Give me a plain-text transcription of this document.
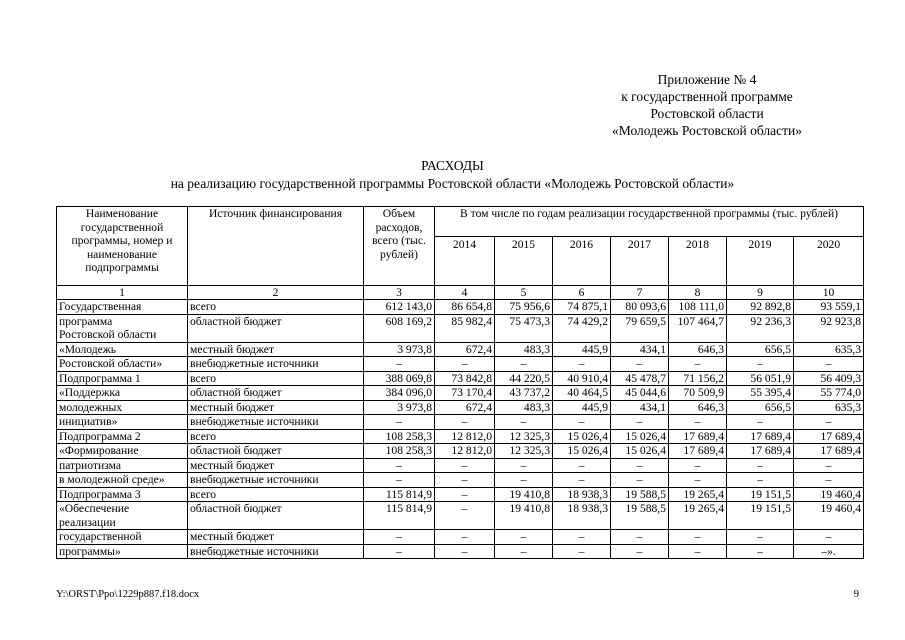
Приложение № 4
к государственной программе
Ростовской области
«Молодежь Ростовской области»
РАСХОДЫ
на реализацию государственной программы Ростовской области «Молодежь Ростовской области»
Наименование государственной программы, номер и наименование подпрограммы	Источник финансирования	Объем расходов, всего (тыс. рублей)	В том числе по годам реализации государственной программы (тыс. рублей)						
			2014	2015	2016	2017	2018	2019	2020
1	2	3	4	5	6	7	8	9	10

Государственная	всего	612 143,0	86 654,8	75 956,6	74 875,1	80 093,6	108 111,0	92 892,8	93 559,1

программа
Ростовской области	областной бюджет	608 169,2	85 982,4	75 473,3	74 429,2	79 659,5	107 464,7	92 236,3	92 923,8

«Молодежь	местный бюджет	3 973,8	672,4	483,3	445,9	434,1	646,3	656,5	635,3

Ростовской области»	внебюджетные источники	–	–	–	–	–	–	–	–

Подпрограмма 1	всего	388 069,8	73 842,8	44 220,5	40 910,4	45 478,7	71 156,2	56 051,9	56 409,3

«Поддержка	областной бюджет	384 096,0	73 170,4	43 737,2	40 464,5	45 044,6	70 509,9	55 395,4	55 774,0

молодежных	местный бюджет	3 973,8	672,4	483,3	445,9	434,1	646,3	656,5	635,3

инициатив»	внебюджетные источники	–	–	–	–	–	–	–	–

Подпрограмма 2	всего	108 258,3	12 812,0	12 325,3	15 026,4	15 026,4	17 689,4	17 689,4	17 689,4

«Формирование	областной бюджет	108 258,3	12 812,0	12 325,3	15 026,4	15 026,4	17 689,4	17 689,4	17 689,4

патриотизма	местный бюджет	–	–	–	–	–	–	–	–

в молодежной среде»	внебюджетные источники	–	–	–	–	–	–	–	–

Подпрограмма 3	всего	115 814,9	–	19 410,8	18 938,3	19 588,5	19 265,4	19 151,5	19 460,4

«Обеспечение
реализации	областной бюджет	115 814,9	–	19 410,8	18 938,3	19 588,5	19 265,4	19 151,5	19 460,4

государственной	местный бюджет	–	–	–	–	–	–	–	–

программы»	внебюджетные источники	–	–	–	–	–	–	–	–».
Y:\ORST\Ppo\1229p887.f18.docx	9
